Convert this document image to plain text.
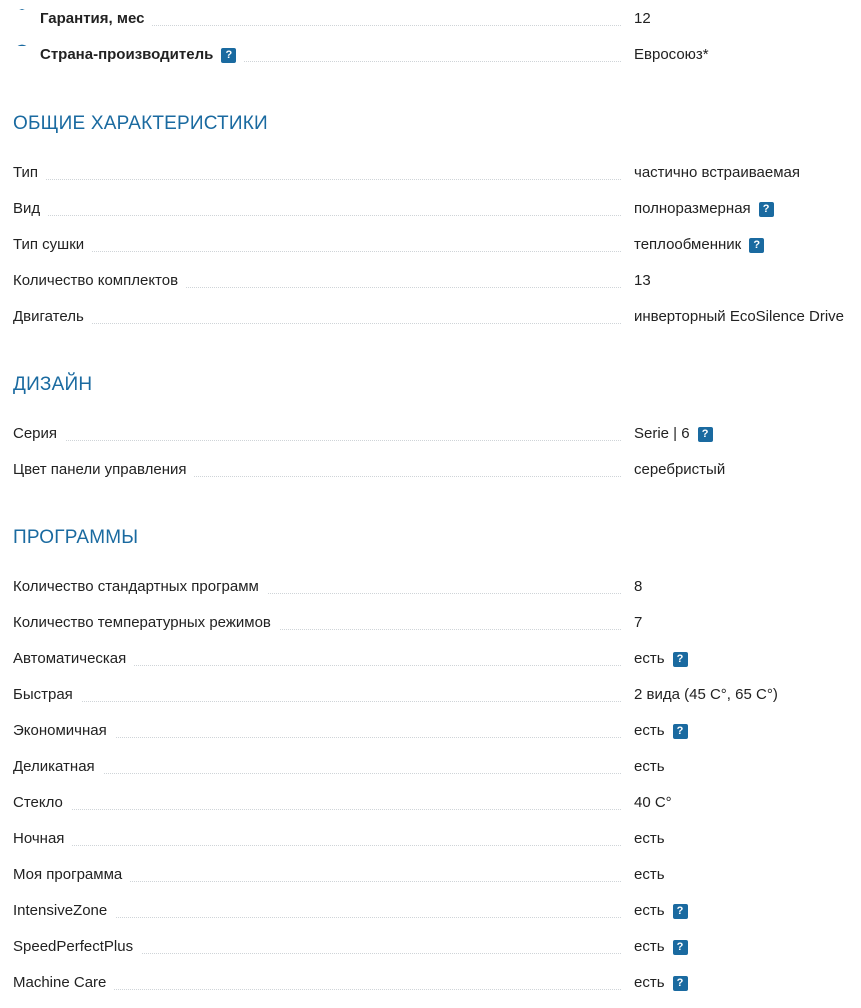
Гарантия, мес	12
Страна-производитель ?	Евросоюз*
ОБЩИЕ ХАРАКТЕРИСТИКИ
Тип	частично встраиваемая
Вид	полноразмерная ?
Тип сушки	теплообменник ?
Количество комплектов	13
Двигатель	инверторный EcoSilence Drive
ДИЗАЙН
Серия	Serie | 6 ?
Цвет панели управления	серебристый
ПРОГРАММЫ
Количество стандартных программ	8
Количество температурных режимов	7
Автоматическая	есть ?
Быстрая	2 вида (45 С°, 65 С°)
Экономичная	есть ?
Деликатная	есть
Стекло	40 С°
Ночная	есть
Моя программа	есть
IntensiveZone	есть ?
SpeedPerfectPlus	есть ?
Machine Care	есть ?
